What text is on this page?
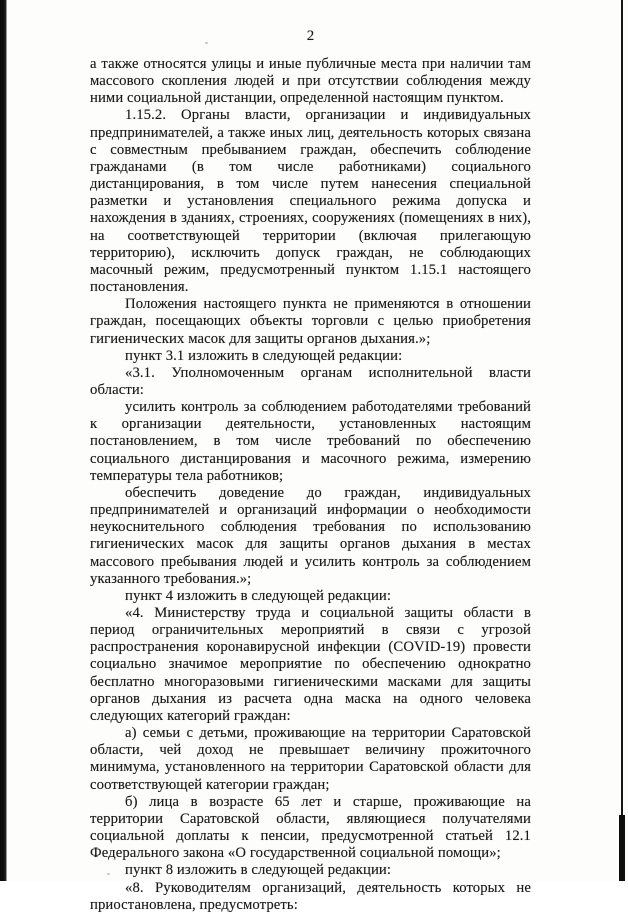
2

а также относятся улицы и иные публичные места при наличии там массового скопления людей и при отсутствии соблюдения между ними социальной дистанции, определенной настоящим пунктом.

1.15.2. Органы власти, организации и индивидуальных предпринимателей, а также иных лиц, деятельность которых связана с совместным пребыванием граждан, обеспечить соблюдение гражданами (в том числе работниками) социального дистанцирования, в том числе путем нанесения специальной разметки и установления специального режима допуска и нахождения в зданиях, строениях, сооружениях (помещениях в них), на соответствующей территории (включая прилегающую территорию), исключить допуск граждан, не соблюдающих масочный режим, предусмотренный пунктом 1.15.1 настоящего постановления.

Положения настоящего пункта не применяются в отношении граждан, посещающих объекты торговли с целью приобретения гигиенических масок для защиты органов дыхания.»;

пункт 3.1 изложить в следующей редакции:

«3.1. Уполномоченным органам исполнительной власти области:

усилить контроль за соблюдением работодателями требований к организации деятельности, установленных настоящим постановлением, в том числе требований по обеспечению социального дистанцирования и масочного режима, измерению температуры тела работников;

обеспечить доведение до граждан, индивидуальных предпринимателей и организаций информации о необходимости неукоснительного соблюдения требования по использованию гигиенических масок для защиты органов дыхания в местах массового пребывания людей и усилить контроль за соблюдением указанного требования.»;

пункт 4 изложить в следующей редакции:

«4. Министерству труда и социальной защиты области в период ограничительных мероприятий в связи с угрозой распространения коронавирусной инфекции (COVID-19) провести социально значимое мероприятие по обеспечению однократно бесплатно многоразовыми гигиеническими масками для защиты органов дыхания из расчета одна маска на одного человека следующих категорий граждан:

а) семьи с детьми, проживающие на территории Саратовской области, чей доход не превышает величину прожиточного минимума, установленного на территории Саратовской области для соответствующей категории граждан;

б) лица в возрасте 65 лет и старше, проживающие на территории Саратовской области, являющиеся получателями социальной доплаты к пенсии, предусмотренной статьей 12.1 Федерального закона «О государственной социальной помощи»;

пункт 8 изложить в следующей редакции:

«8. Руководителям организаций, деятельность которых не приостановлена, предусмотреть:
